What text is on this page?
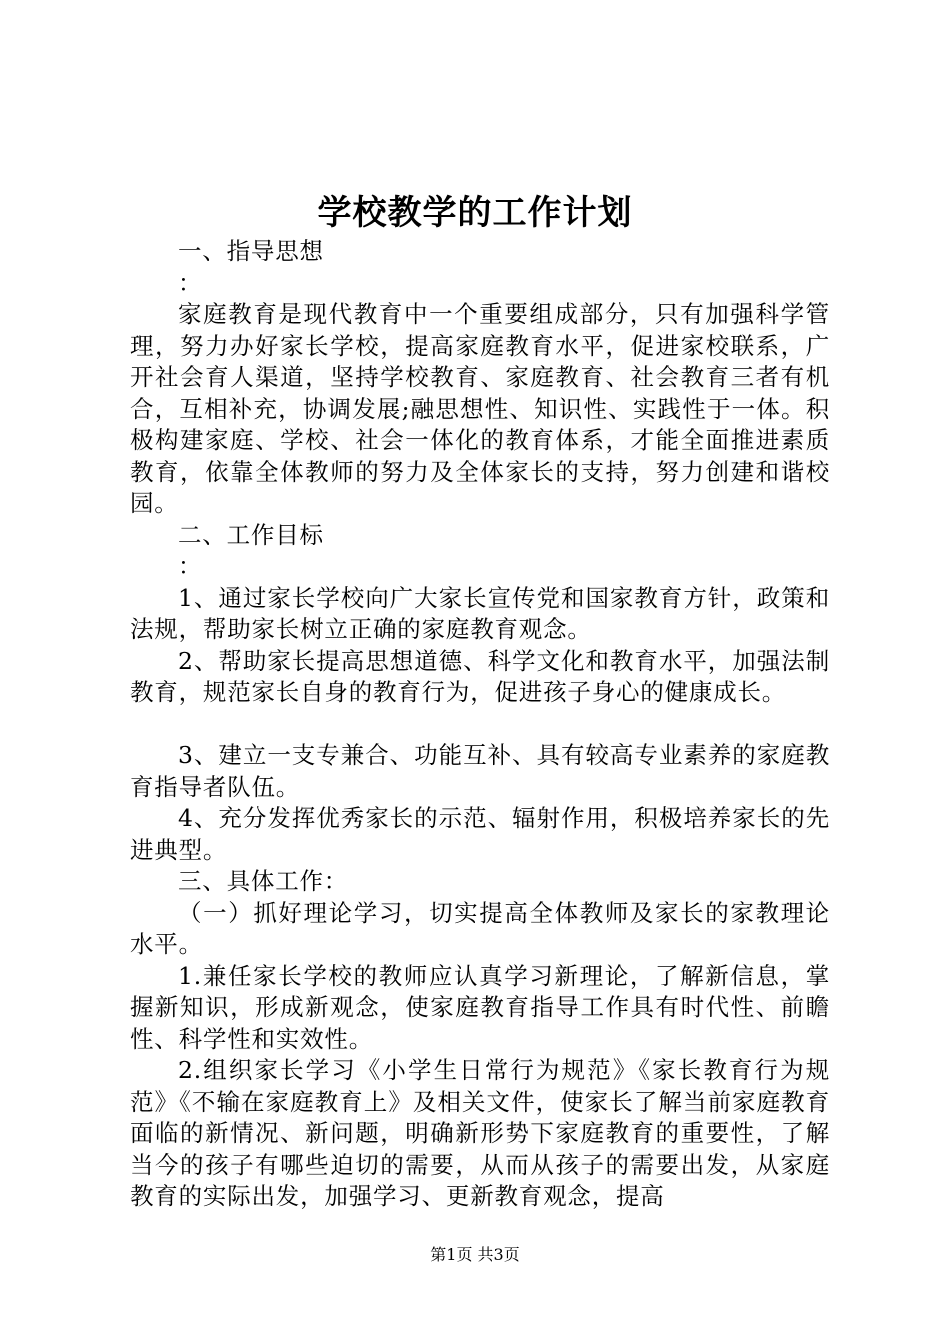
学校教学的工作计划

一、指导思想

：

家庭教育是现代教育中一个重要组成部分，只有加强科学管理，努力办好家长学校，提高家庭教育水平，促进家校联系，广开社会育人渠道，坚持学校教育、家庭教育、社会教育三者有机合，互相补充，协调发展;融思想性、知识性、实践性于一体。积极构建家庭、学校、社会一体化的教育体系，才能全面推进素质教育，依靠全体教师的努力及全体家长的支持，努力创建和谐校园。

二、工作目标

：

1、通过家长学校向广大家长宣传党和国家教育方针，政策和法规，帮助家长树立正确的家庭教育观念。

2、帮助家长提高思想道德、科学文化和教育水平，加强法制教育，规范家长自身的教育行为，促进孩子身心的健康成长。

3、建立一支专兼合、功能互补、具有较高专业素养的家庭教育指导者队伍。

4、充分发挥优秀家长的示范、辐射作用，积极培养家长的先进典型。

三、具体工作：

（一）抓好理论学习，切实提高全体教师及家长的家教理论水平。

1.兼任家长学校的教师应认真学习新理论，了解新信息，掌握新知识，形成新观念，使家庭教育指导工作具有时代性、前瞻性、科学性和实效性。

2.组织家长学习《小学生日常行为规范》《家长教育行为规范》《不输在家庭教育上》及相关文件，使家长了解当前家庭教育面临的新情况、新问题，明确新形势下家庭教育的重要性，了解当今的孩子有哪些迫切的需要，从而从孩子的需要出发，从家庭教育的实际出发，加强学习、更新教育观念，提高

第1页 共3页
